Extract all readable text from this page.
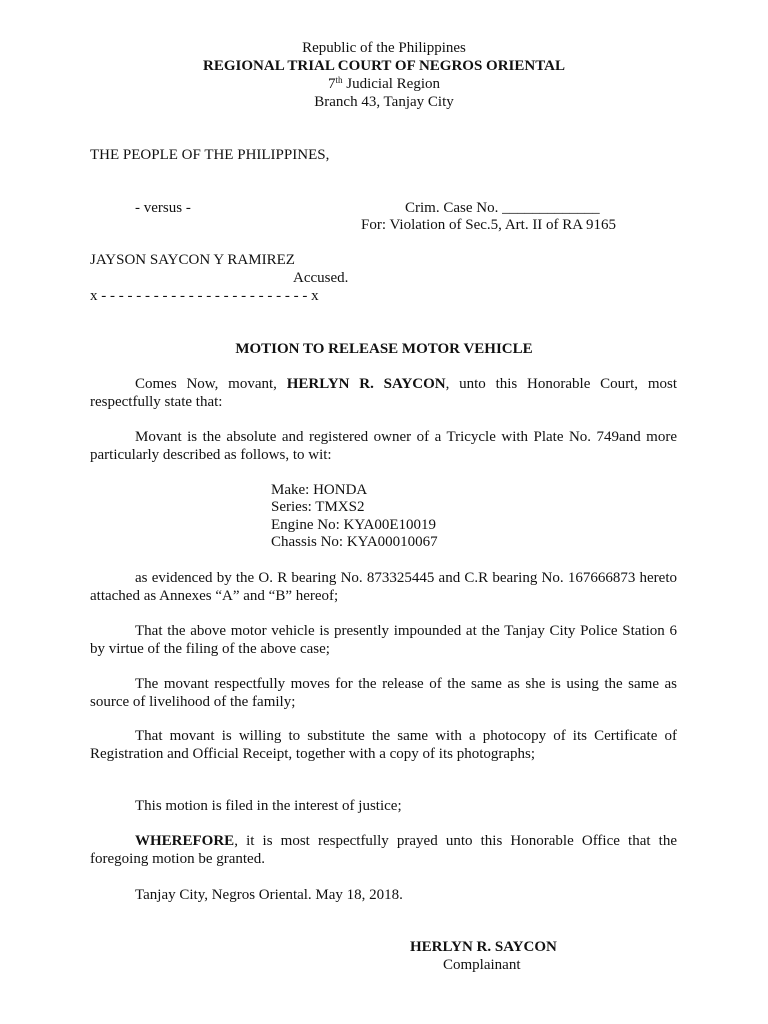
Republic of the Philippines
REGIONAL TRIAL COURT OF NEGROS ORIENTAL
7th Judicial Region
Branch 43, Tanjay City
THE PEOPLE OF THE PHILIPPINES,
- versus -	Crim. Case No. _____________
For: Violation of Sec.5, Art. II of RA 9165
JAYSON SAYCON Y RAMIREZ
Accused.
x - - - - - - - - - - - - - - - - - - - - - - - - x
MOTION TO RELEASE MOTOR VEHICLE
Comes Now, movant, HERLYN R. SAYCON, unto this Honorable Court, most respectfully state that:
Movant is the absolute and registered owner of a Tricycle with Plate No. 749and more particularly described as follows, to wit:
Make: HONDA
Series: TMXS2
Engine No: KYA00E10019
Chassis No: KYA00010067
as evidenced by the O. R bearing No. 873325445 and C.R bearing No. 167666873 hereto attached as Annexes “A” and “B” hereof;
That the above motor vehicle is presently impounded at the Tanjay City Police Station 6 by virtue of the filing of the above case;
The movant respectfully moves for the release of the same as she is using the same as source of livelihood of the family;
That movant is willing to substitute the same with a photocopy of its Certificate of Registration and Official Receipt, together with a copy of its photographs;
This motion is filed in the interest of justice;
WHEREFORE, it is most respectfully prayed unto this Honorable Office that the foregoing motion be granted.
Tanjay City, Negros Oriental. May 18, 2018.
HERLYN R. SAYCON
Complainant
